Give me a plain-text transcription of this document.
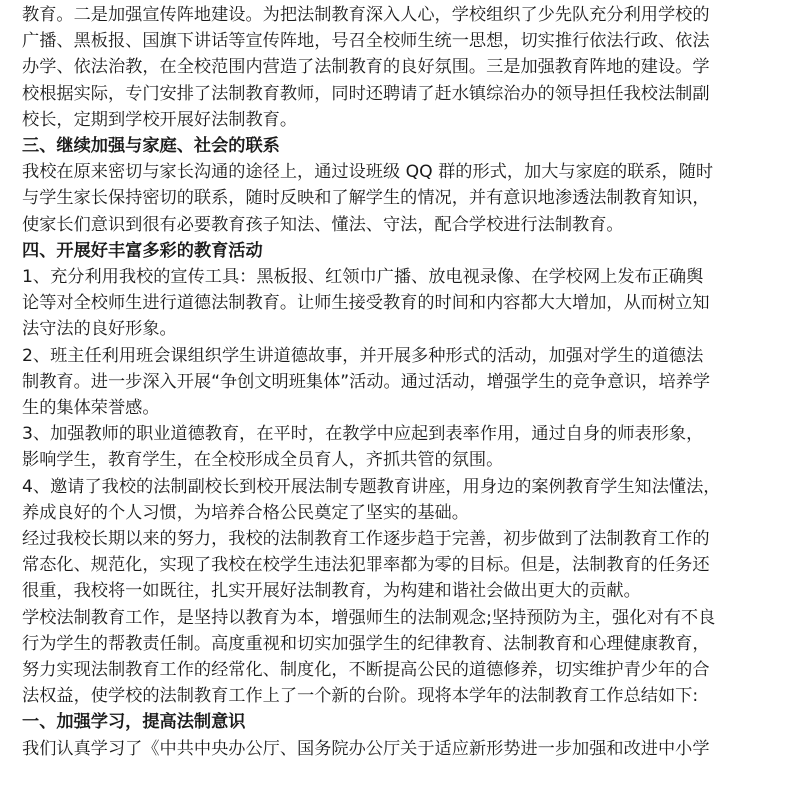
教育。二是加强宣传阵地建设。为把法制教育深入人心，学校组织了少先队充分利用学校的
广播、黑板报、国旗下讲话等宣传阵地，号召全校师生统一思想，切实推行依法行政、依法
办学、依法治教，在全校范围内营造了法制教育的良好氛围。三是加强教育阵地的建设。学
校根据实际，专门安排了法制教育教师，同时还聘请了赶水镇综治办的领导担任我校法制副
校长，定期到学校开展好法制教育。
三、继续加强与家庭、社会的联系
我校在原来密切与家长沟通的途径上，通过设班级 QQ 群的形式，加大与家庭的联系，随时
与学生家长保持密切的联系，随时反映和了解学生的情况，并有意识地渗透法制教育知识，
使家长们意识到很有必要教育孩子知法、懂法、守法，配合学校进行法制教育。
四、开展好丰富多彩的教育活动
1、充分利用我校的宣传工具：黑板报、红领巾广播、放电视录像、在学校网上发布正确舆
论等对全校师生进行道德法制教育。让师生接受教育的时间和内容都大大增加，从而树立知
法守法的良好形象。
2、班主任利用班会课组织学生讲道德故事，并开展多种形式的活动，加强对学生的道德法
制教育。进一步深入开展“争创文明班集体”活动。通过活动，增强学生的竞争意识，培养学
生的集体荣誉感。
3、加强教师的职业道德教育，在平时，在教学中应起到表率作用，通过自身的师表形象，
影响学生，教育学生，在全校形成全员育人，齐抓共管的氛围。
4、邀请了我校的法制副校长到校开展法制专题教育讲座，用身边的案例教育学生知法懂法，
养成良好的个人习惯，为培养合格公民奠定了坚实的基础。
经过我校长期以来的努力，我校的法制教育工作逐步趋于完善，初步做到了法制教育工作的
常态化、规范化，实现了我校在校学生违法犯罪率都为零的目标。但是，法制教育的任务还
很重，我校将一如既往，扎实开展好法制教育，为构建和谐社会做出更大的贡献。
学校法制教育工作，是坚持以教育为本，增强师生的法制观念;坚持预防为主，强化对有不良
行为学生的帮教责任制。高度重视和切实加强学生的纪律教育、法制教育和心理健康教育，
努力实现法制教育工作的经常化、制度化，不断提高公民的道德修养，切实维护青少年的合
法权益，使学校的法制教育工作上了一个新的台阶。现将本学年的法制教育工作总结如下:
一、加强学习，提高法制意识
我们认真学习了《中共中央办公厅、国务院办公厅关于适应新形势进一步加强和改进中小学
